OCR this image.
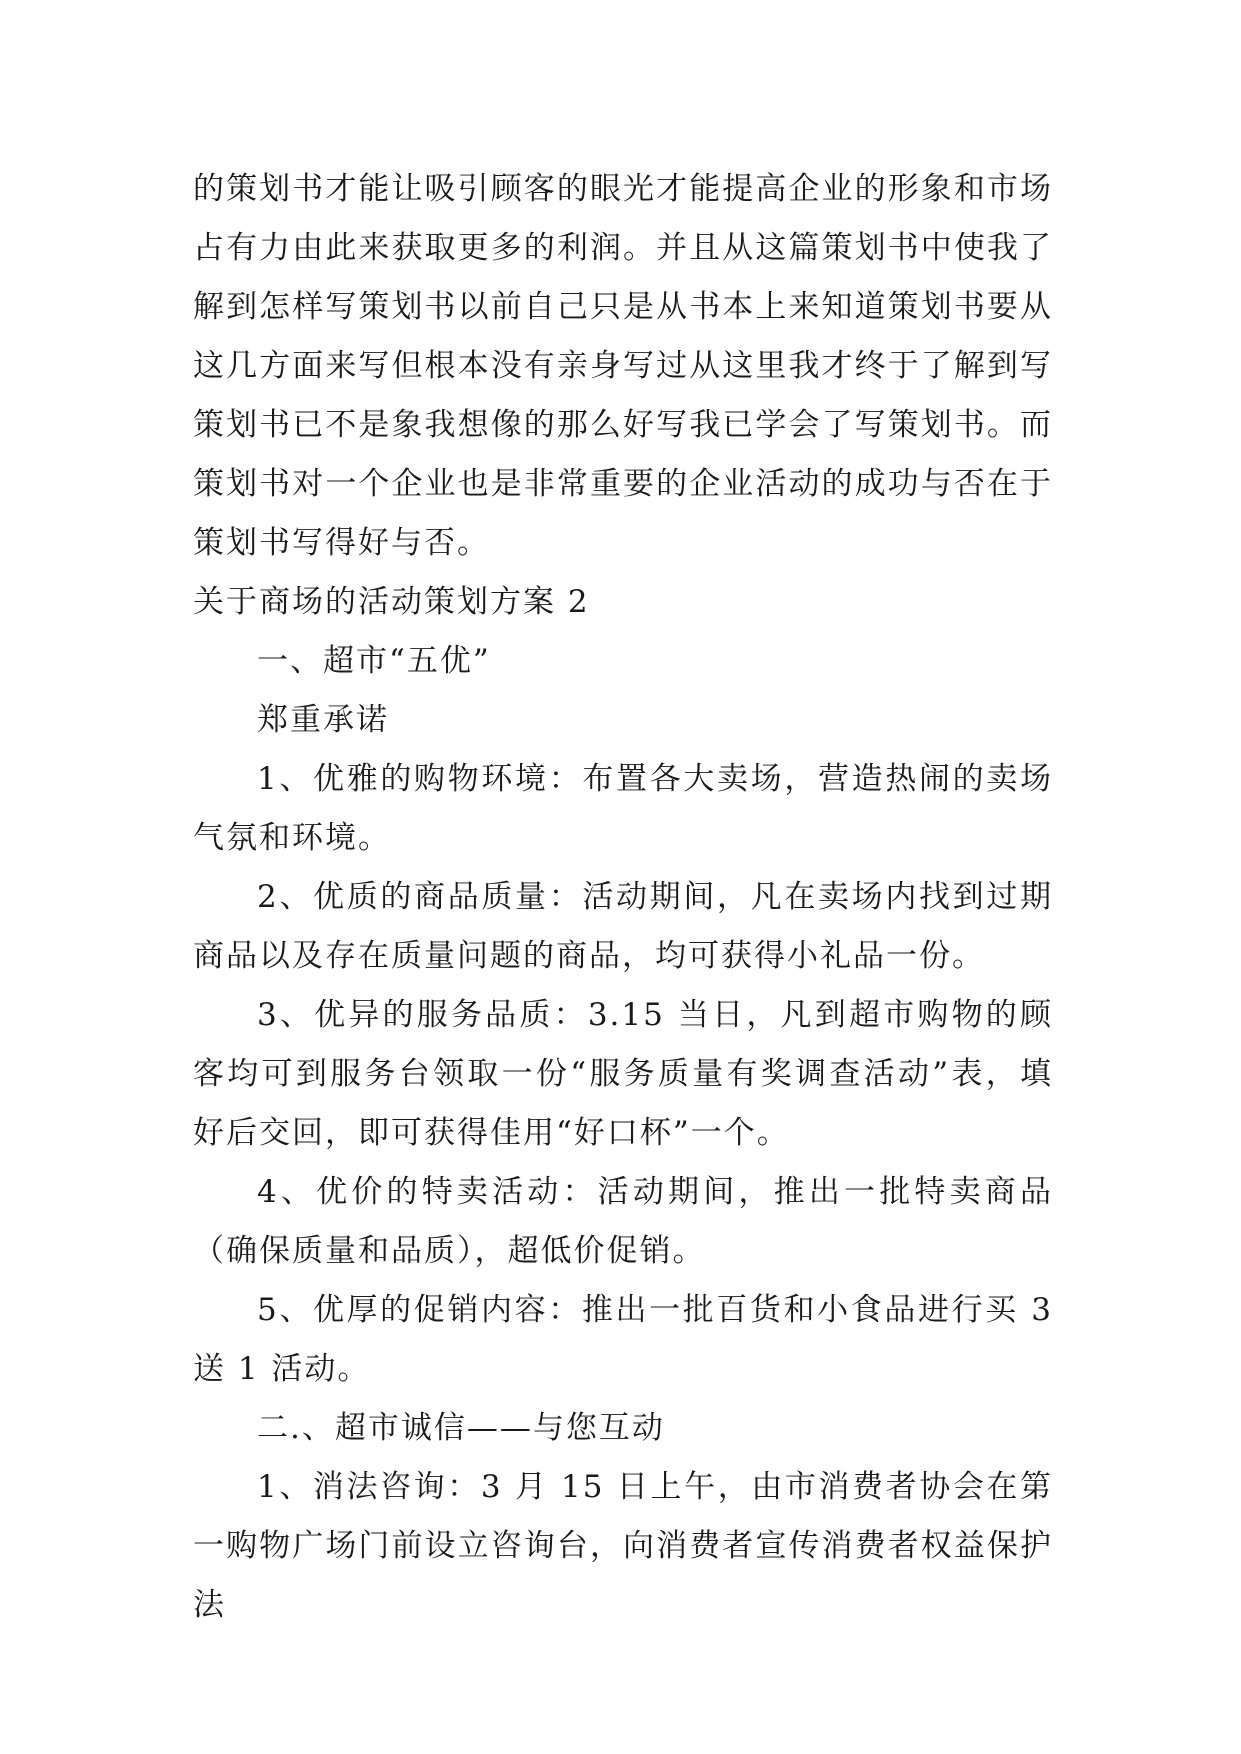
的策划书才能让吸引顾客的眼光才能提高企业的形象和市场占有力由此来获取更多的利润。并且从这篇策划书中使我了解到怎样写策划书以前自己只是从书本上来知道策划书要从这几方面来写但根本没有亲身写过从这里我才终于了解到写策划书已不是象我想像的那么好写我已学会了写策划书。而策划书对一个企业也是非常重要的企业活动的成功与否在于策划书写得好与否。

关于商场的活动策划方案 2

一、超市“五优”

郑重承诺

1、优雅的购物环境：布置各大卖场，营造热闹的卖场气氛和环境。

2、优质的商品质量：活动期间，凡在卖场内找到过期商品以及存在质量问题的商品，均可获得小礼品一份。

3、优异的服务品质：3.15 当日，凡到超市购物的顾客均可到服务台领取一份“服务质量有奖调查活动”表，填好后交回，即可获得佳用“好口杯”一个。

4、优价的特卖活动：活动期间，推出一批特卖商品（确保质量和品质），超低价促销。

5、优厚的促销内容：推出一批百货和小食品进行买 3 送 1 活动。

二.、超市诚信——与您互动

1、消法咨询：3 月 15 日上午，由市消费者协会在第一购物广场门前设立咨询台，向消费者宣传消费者权益保护法
